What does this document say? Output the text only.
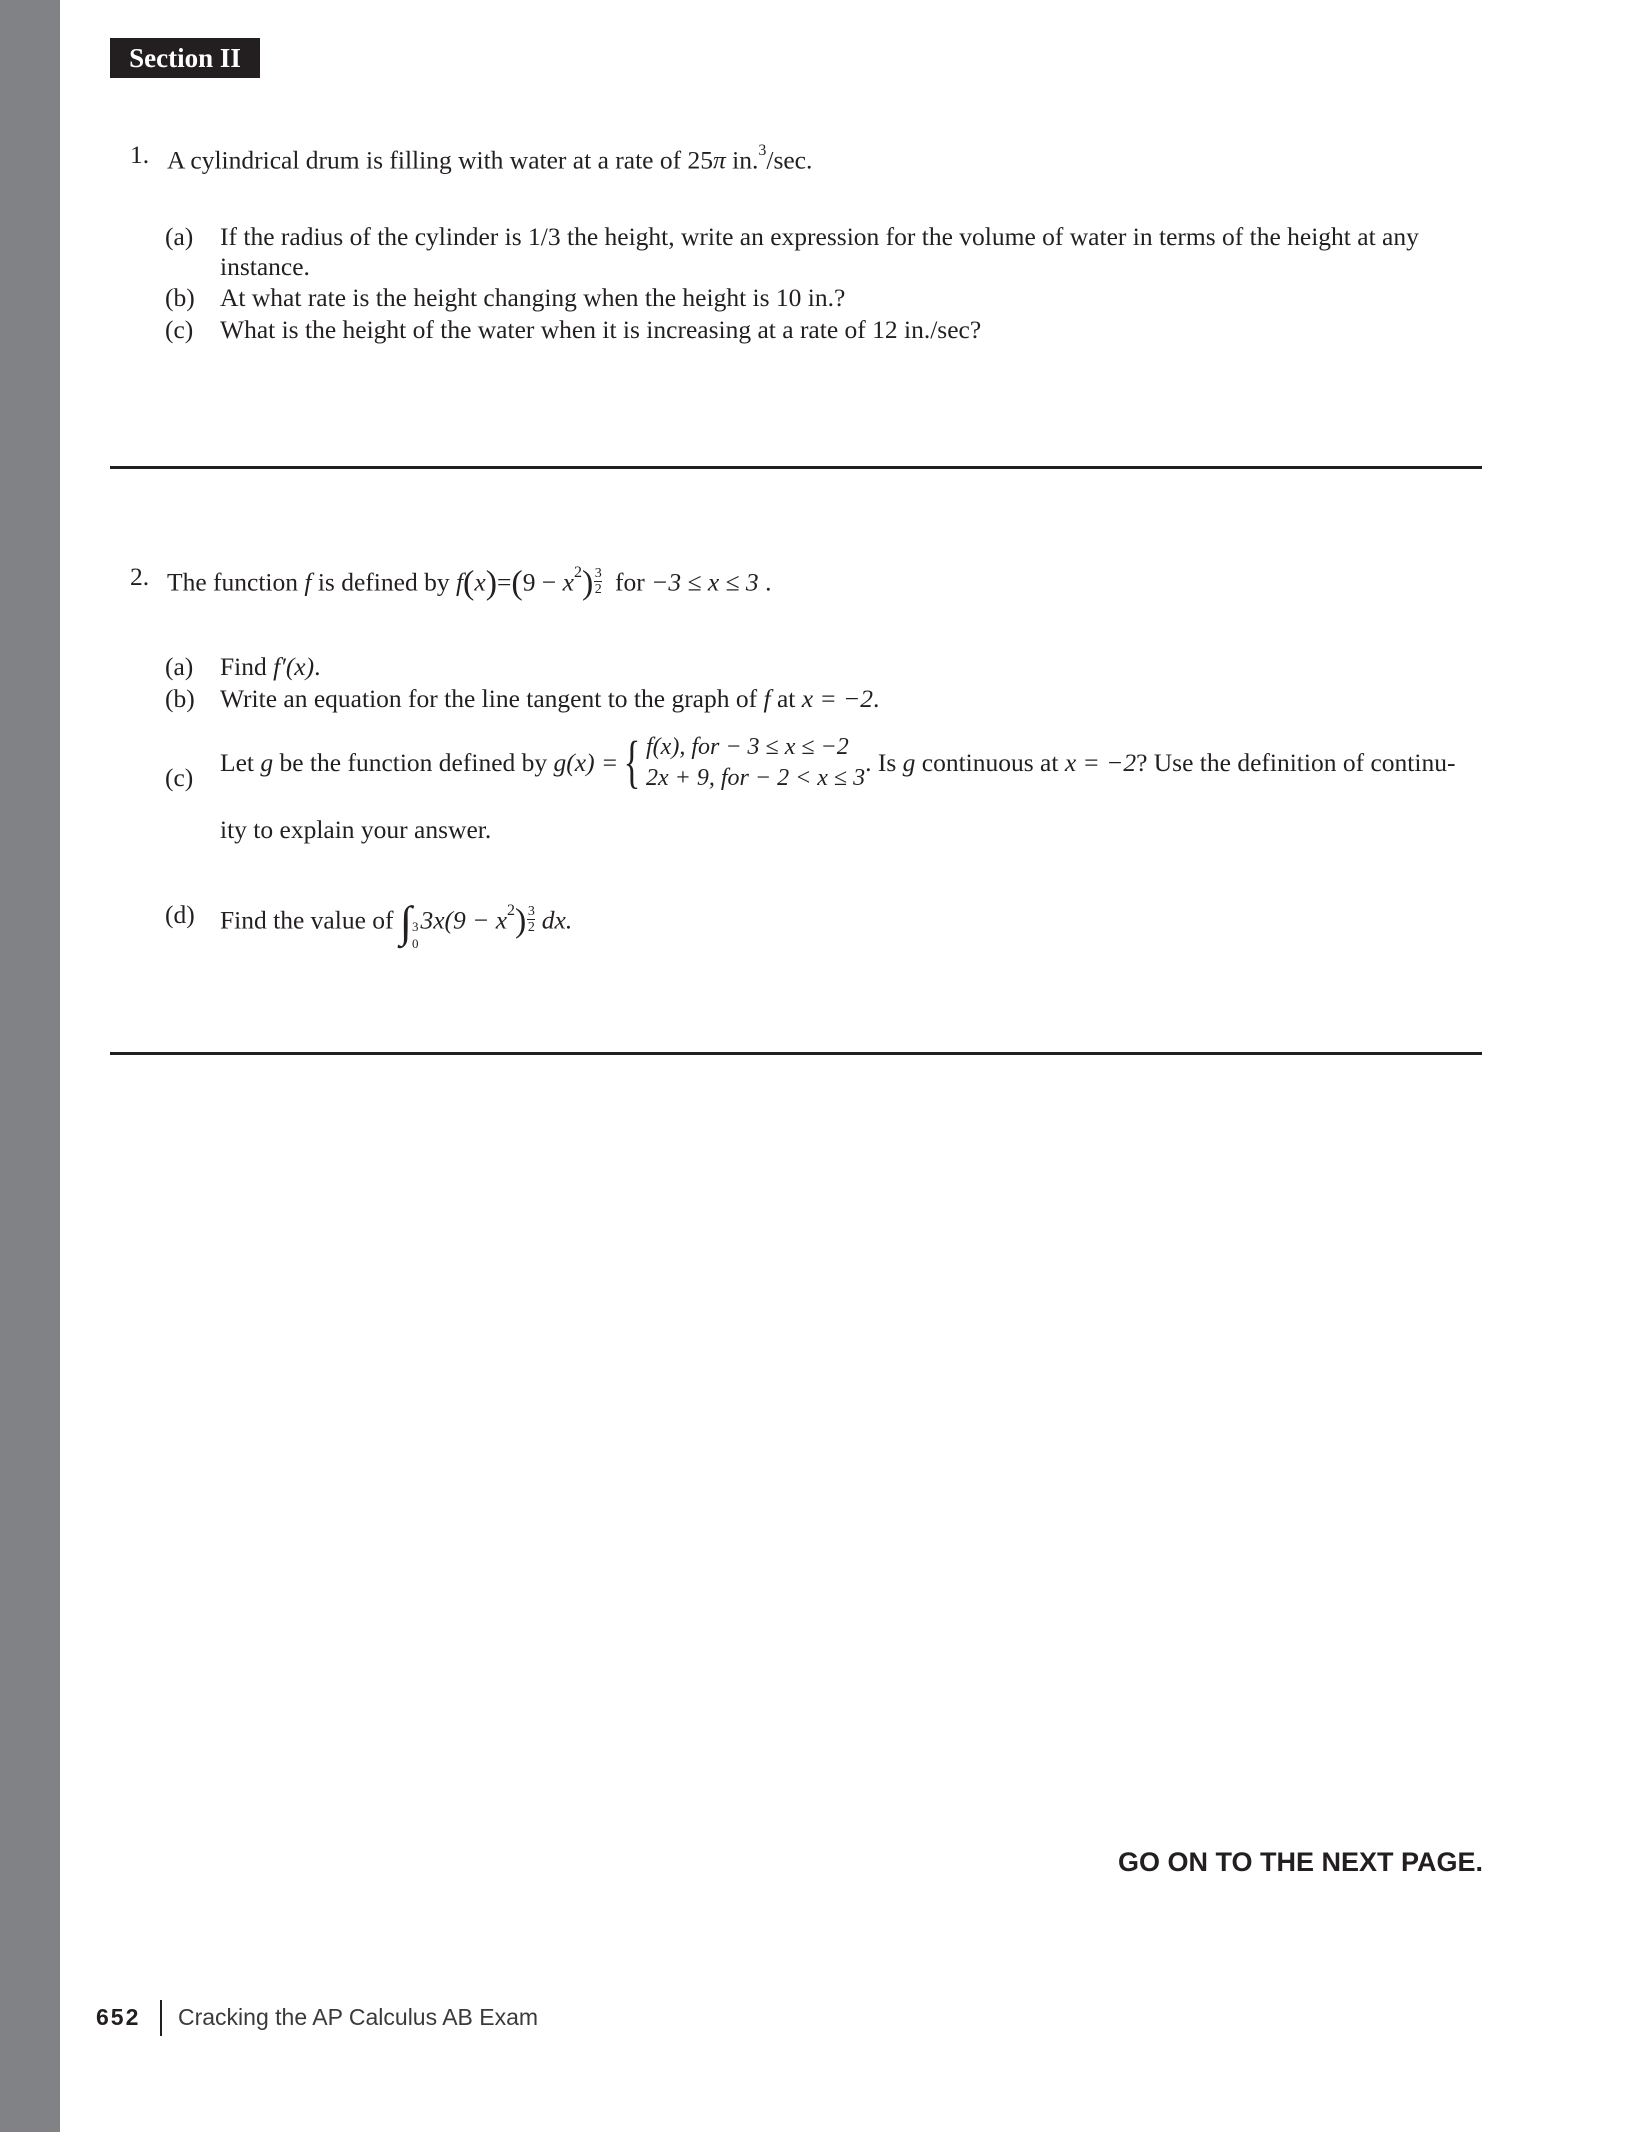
Section II
1. A cylindrical drum is filling with water at a rate of 25π in.$^3$/sec.
(a) If the radius of the cylinder is 1/3 the height, write an expression for the volume of water in terms of the height at any instance.
(b) At what rate is the height changing when the height is 10 in.?
(c) What is the height of the water when it is increasing at a rate of 12 in./sec?
2. The function f is defined by $f(x)=(9 - x^2) \frac{3}{2}$ for −3 ≤ x ≤ 3 .
(a) Find f′(x).
(b) Write an equation for the line tangent to the graph of f at x = −2.
(c)
Let g be the function defined by g(x) ={ f(x), for − 3 ≤ x ≤ −2
2x + 9, for − 2 < x ≤ 3
. Is g continuous at x = −2? Use the definition of continu-
ity to explain your answer.
(d) Find the value of ∫ 3
0
$3x(9 - x^2) \frac{3}{2}$ dx.
GO ON TO THE NEXT PAGE.
652 Cracking the AP Calculus AB Exam
